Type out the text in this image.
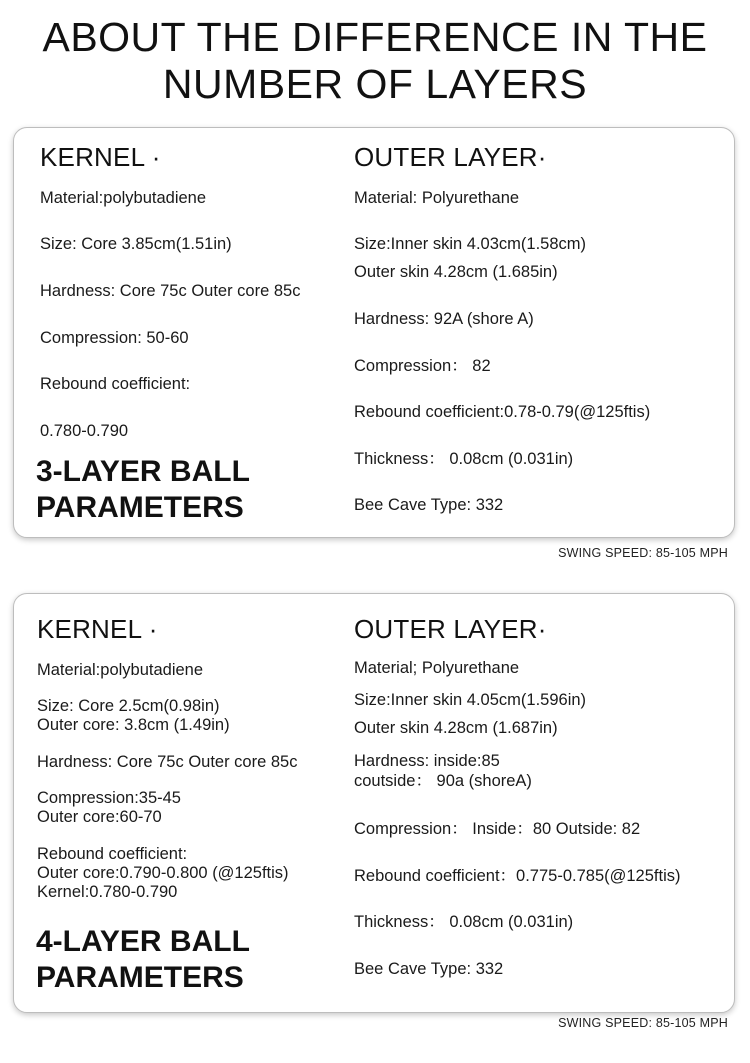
ABOUT THE DIFFERENCE IN THE
NUMBER OF LAYERS
KERNEL ·	OUTER LAYER·
Material:polybutadiene
Size: Core 3.85cm(1.51in)
Hardness: Core 75c Outer core 85c
Compression: 50-60
Rebound coefficient:
0.780-0.790
3-LAYER BALL
PARAMETERS
Material: Polyurethane
Size:Inner skin 4.03cm(1.58cm)
Outer skin 4.28cm (1.685in)
Hardness: 92A (shore A)
Compression： 82
Rebound coefficient:0.78-0.79(@125ftis)
Thickness： 0.08cm (0.031in)
Bee Cave Type: 332
SWING SPEED: 85-105 MPH
KERNEL ·	OUTER LAYER·
Material:polybutadiene
Size: Core 2.5cm(0.98in)
Outer core: 3.8cm (1.49in)
Hardness: Core 75c Outer core 85c
Compression:35-45
Outer core:60-70
Rebound coefficient:
Outer core:0.790-0.800 (@125ftis)
Kernel:0.780-0.790
4-LAYER BALL
PARAMETERS
Material; Polyurethane
Size:Inner skin 4.05cm(1.596in)
Outer skin 4.28cm (1.687in)
Hardness: inside:85
coutside： 90a (shoreA)
Compression： Inside：80 Outside: 82
Rebound coefficient：0.775-0.785(@125ftis)
Thickness： 0.08cm (0.031in)
Bee Cave Type: 332
SWING SPEED: 85-105 MPH
